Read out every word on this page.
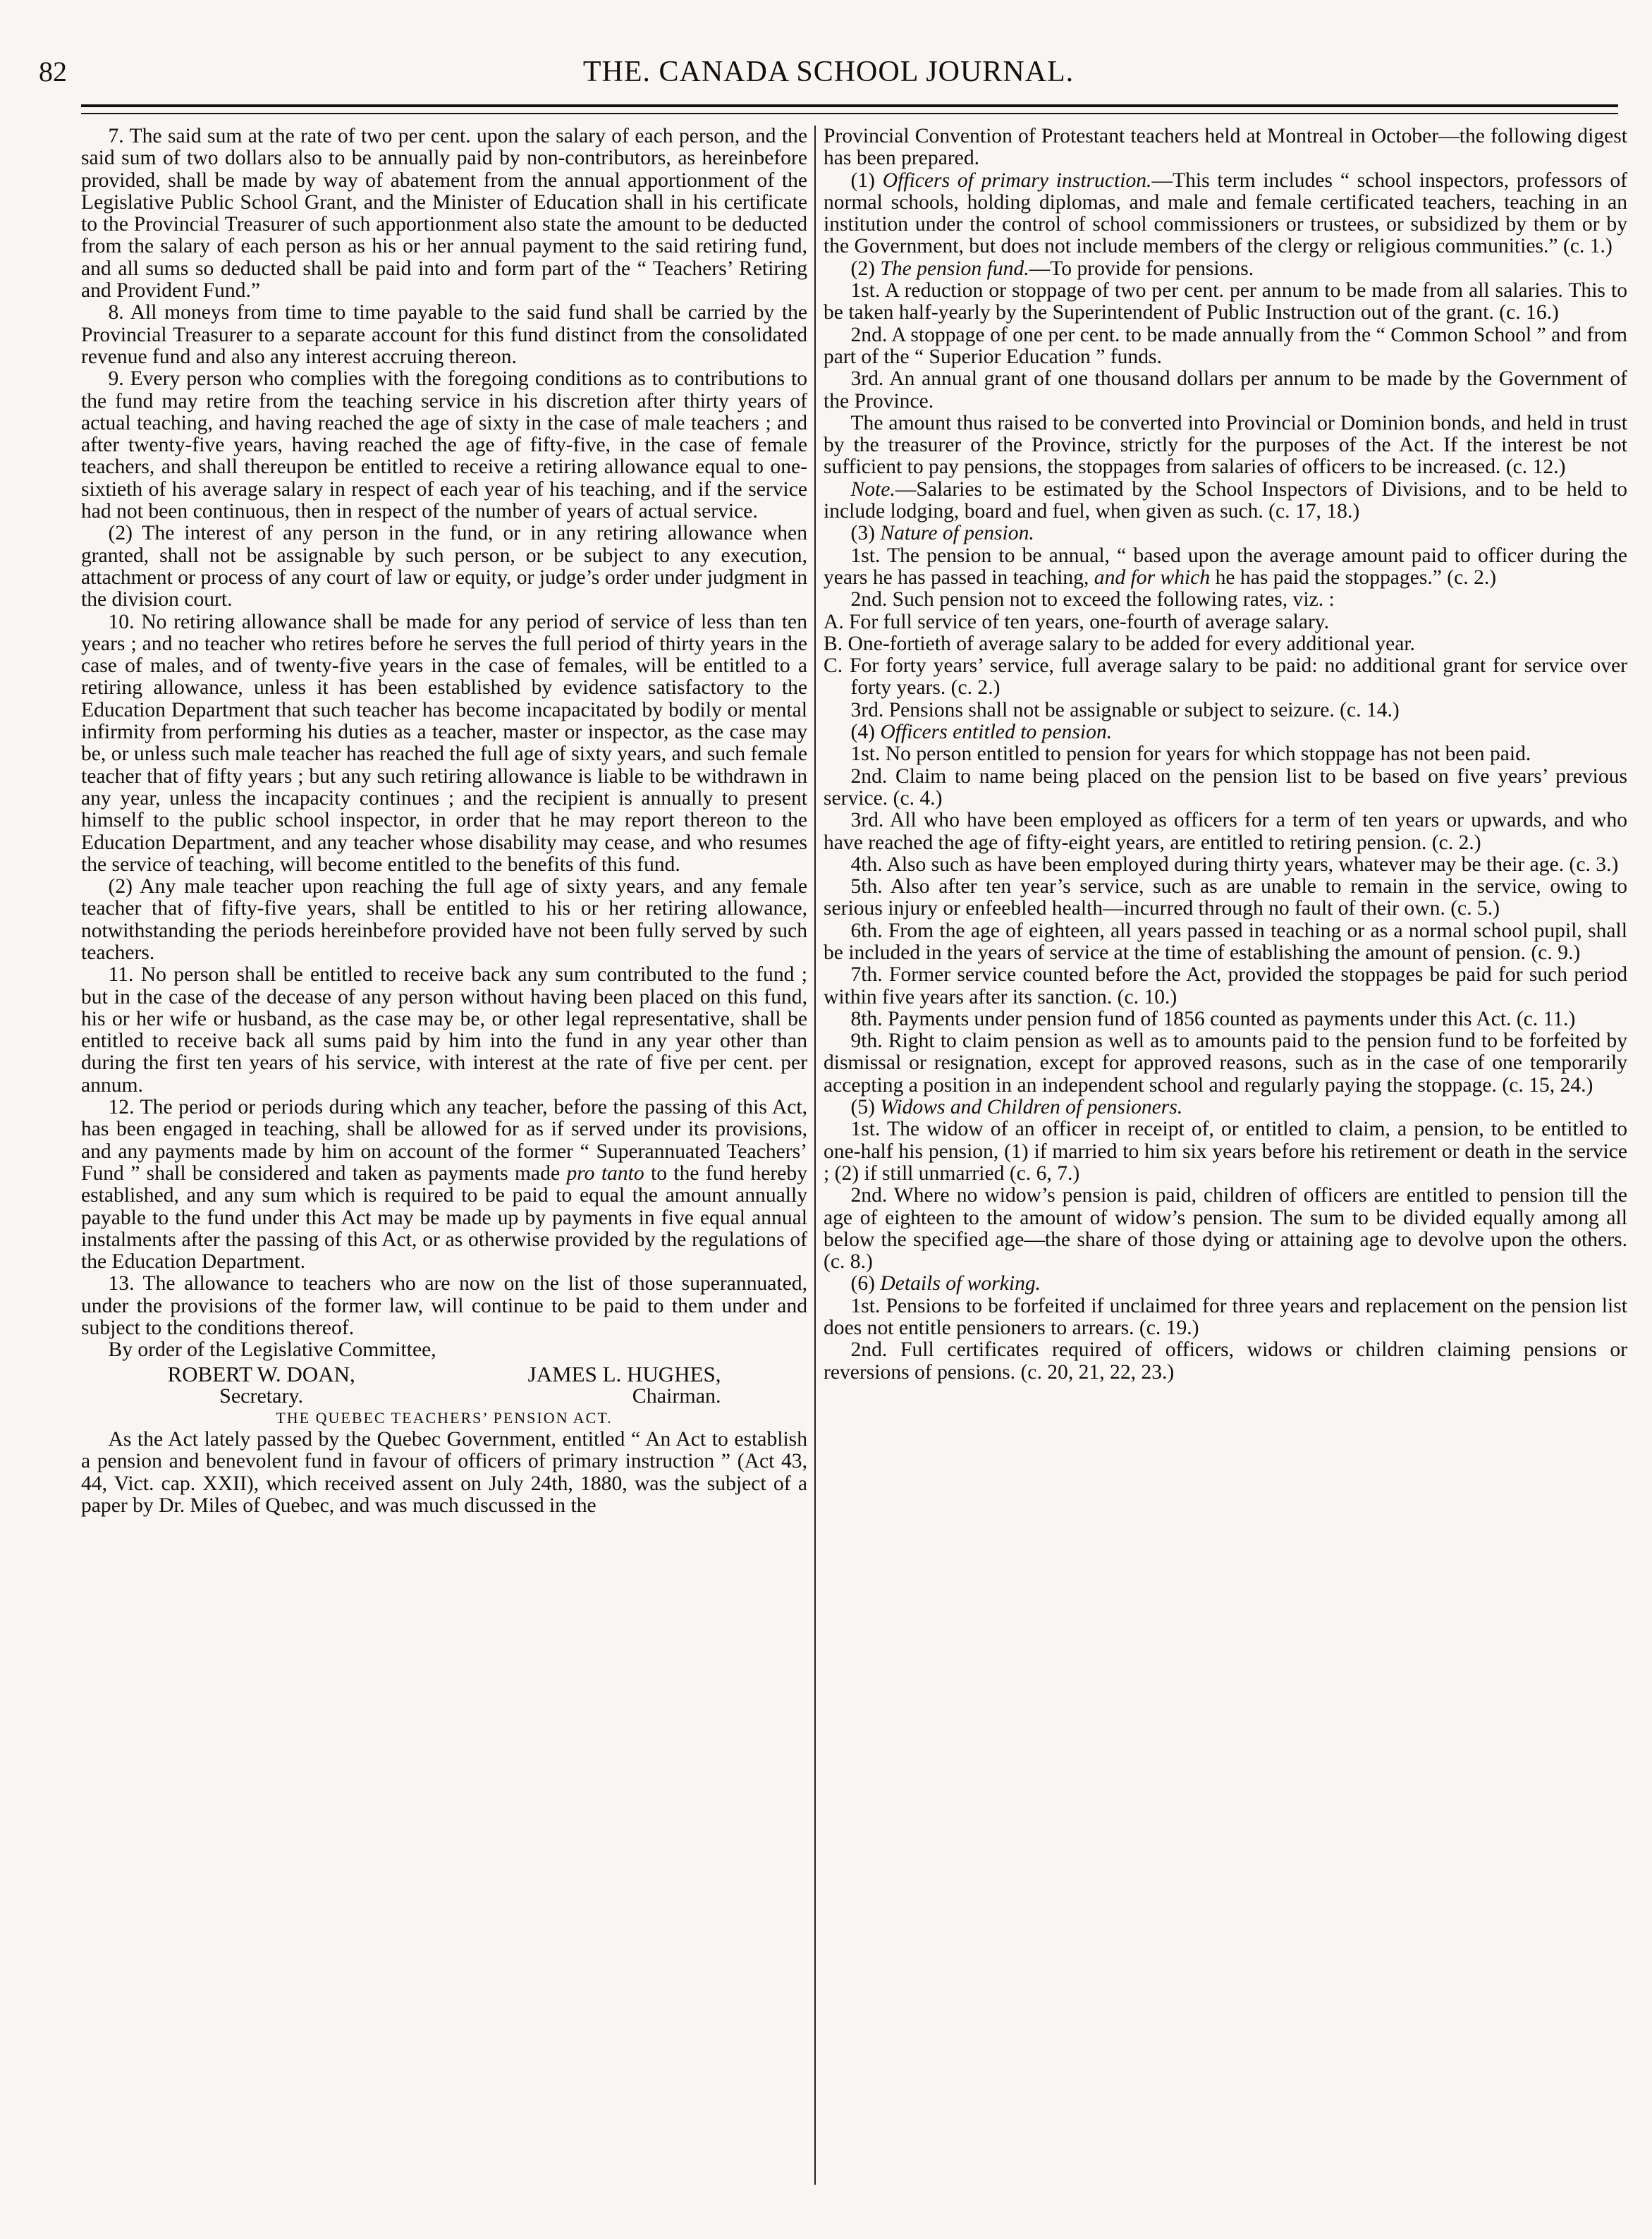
82	THE. CANADA SCHOOL JOURNAL.

7. The said sum at the rate of two per cent. upon the salary of each person, and the said sum of two dollars also to be annually paid by non-contributors, as hereinbefore provided, shall be made by way of abatement from the annual apportionment of the Legislative Public School Grant, and the Minister of Education shall in his certificate to the Provincial Treasurer of such apportionment also state the amount to be deducted from the salary of each person as his or her annual payment to the said retiring fund, and all sums so deducted shall be paid into and form part of the “ Teachers’ Retiring and Provident Fund.”

8. All moneys from time to time payable to the said fund shall be carried by the Provincial Treasurer to a separate account for this fund distinct from the consolidated revenue fund and also any interest accruing thereon.

9. Every person who complies with the foregoing conditions as to contributions to the fund may retire from the teaching service in his discretion after thirty years of actual teaching, and having reached the age of sixty in the case of male teachers ; and after twenty-five years, having reached the age of fifty-five, in the case of female teachers, and shall thereupon be entitled to receive a retiring allowance equal to one-sixtieth of his average salary in respect of each year of his teaching, and if the service had not been continuous, then in respect of the number of years of actual service.

(2) The interest of any person in the fund, or in any retiring allowance when granted, shall not be assignable by such person, or be subject to any execution, attachment or process of any court of law or equity, or judge’s order under judgment in the division court.

10. No retiring allowance shall be made for any period of service of less than ten years ; and no teacher who retires before he serves the full period of thirty years in the case of males, and of twenty-five years in the case of females, will be entitled to a retiring allowance, unless it has been established by evidence satisfactory to the Education Department that such teacher has become incapacitated by bodily or mental infirmity from performing his duties as a teacher, master or inspector, as the case may be, or unless such male teacher has reached the full age of sixty years, and such female teacher that of fifty years ; but any such retiring allowance is liable to be withdrawn in any year, unless the incapacity continues ; and the recipient is annually to present himself to the public school inspector, in order that he may report thereon to the Education Department, and any teacher whose disability may cease, and who resumes the service of teaching, will become entitled to the benefits of this fund.

(2) Any male teacher upon reaching the full age of sixty years, and any female teacher that of fifty-five years, shall be entitled to his or her retiring allowance, notwithstanding the periods hereinbefore provided have not been fully served by such teachers.

11. No person shall be entitled to receive back any sum contributed to the fund ; but in the case of the decease of any person without having been placed on this fund, his or her wife or husband, as the case may be, or other legal representative, shall be entitled to receive back all sums paid by him into the fund in any year other than during the first ten years of his service, with interest at the rate of five per cent. per annum.

12. The period or periods during which any teacher, before the passing of this Act, has been engaged in teaching, shall be allowed for as if served under its provisions, and any payments made by him on account of the former “ Superannuated Teachers’ Fund ” shall be considered and taken as payments made pro tanto to the fund hereby established, and any sum which is required to be paid to equal the amount annually payable to the fund under this Act may be made up by payments in five equal annual instalments after the passing of this Act, or as otherwise provided by the regulations of the Education Department.

13. The allowance to teachers who are now on the list of those superannuated, under the provisions of the former law, will continue to be paid to them under and subject to the conditions thereof.

By order of the Legislative Committee,

ROBERT W. DOAN,
Secretary.
JAMES L. HUGHES,
Chairman.

THE QUEBEC TEACHERS’ PENSION ACT.

As the Act lately passed by the Quebec Government, entitled “ An Act to establish a pension and benevolent fund in favour of officers of primary instruction ” (Act 43, 44, Vict. cap. XXII), which received assent on July 24th, 1880, was the subject of a paper by Dr. Miles of Quebec, and was much discussed in the

Provincial Convention of Protestant teachers held at Montreal in October—the following digest has been prepared.

(1) Officers of primary instruction.—This term includes “ school inspectors, professors of normal schools, holding diplomas, and male and female certificated teachers, teaching in an institution under the control of school commissioners or trustees, or subsidized by them or by the Government, but does not include members of the clergy or religious communities.” (c. 1.)

(2) The pension fund.—To provide for pensions.

1st. A reduction or stoppage of two per cent. per annum to be made from all salaries. This to be taken half-yearly by the Superintendent of Public Instruction out of the grant. (c. 16.)

2nd. A stoppage of one per cent. to be made annually from the “ Common School ” and from part of the “ Superior Education ” funds.

3rd. An annual grant of one thousand dollars per annum to be made by the Government of the Province.

The amount thus raised to be converted into Provincial or Dominion bonds, and held in trust by the treasurer of the Province, strictly for the purposes of the Act. If the interest be not sufficient to pay pensions, the stoppages from salaries of officers to be increased. (c. 12.)

Note.—Salaries to be estimated by the School Inspectors of Divisions, and to be held to include lodging, board and fuel, when given as such. (c. 17, 18.)

(3) Nature of pension.

1st. The pension to be annual, “ based upon the average amount paid to officer during the years he has passed in teaching, and for which he has paid the stoppages.” (c. 2.)

2nd. Such pension not to exceed the following rates, viz. :

A. For full service of ten years, one-fourth of average salary.

B. One-fortieth of average salary to be added for every additional year.

C. For forty years’ service, full average salary to be paid: no additional grant for service over forty years. (c. 2.)

3rd. Pensions shall not be assignable or subject to seizure. (c. 14.)

(4) Officers entitled to pension.

1st. No person entitled to pension for years for which stoppage has not been paid.

2nd. Claim to name being placed on the pension list to be based on five years’ previous service. (c. 4.)

3rd. All who have been employed as officers for a term of ten years or upwards, and who have reached the age of fifty-eight years, are entitled to retiring pension. (c. 2.)

4th. Also such as have been employed during thirty years, whatever may be their age. (c. 3.)

5th. Also after ten year’s service, such as are unable to remain in the service, owing to serious injury or enfeebled health—incurred through no fault of their own. (c. 5.)

6th. From the age of eighteen, all years passed in teaching or as a normal school pupil, shall be included in the years of service at the time of establishing the amount of pension. (c. 9.)

7th. Former service counted before the Act, provided the stoppages be paid for such period within five years after its sanction. (c. 10.)

8th. Payments under pension fund of 1856 counted as payments under this Act. (c. 11.)

9th. Right to claim pension as well as to amounts paid to the pension fund to be forfeited by dismissal or resignation, except for approved reasons, such as in the case of one temporarily accepting a position in an independent school and regularly paying the stoppage. (c. 15, 24.)

(5) Widows and Children of pensioners.

1st. The widow of an officer in receipt of, or entitled to claim, a pension, to be entitled to one-half his pension, (1) if married to him six years before his retirement or death in the service ; (2) if still unmarried (c. 6, 7.)

2nd. Where no widow’s pension is paid, children of officers are entitled to pension till the age of eighteen to the amount of widow’s pension. The sum to be divided equally among all below the specified age—the share of those dying or attaining age to devolve upon the others. (c. 8.)

(6) Details of working.

1st. Pensions to be forfeited if unclaimed for three years and replacement on the pension list does not entitle pensioners to arrears. (c. 19.)

2nd. Full certificates required of officers, widows or children claiming pensions or reversions of pensions. (c. 20, 21, 22, 23.)
